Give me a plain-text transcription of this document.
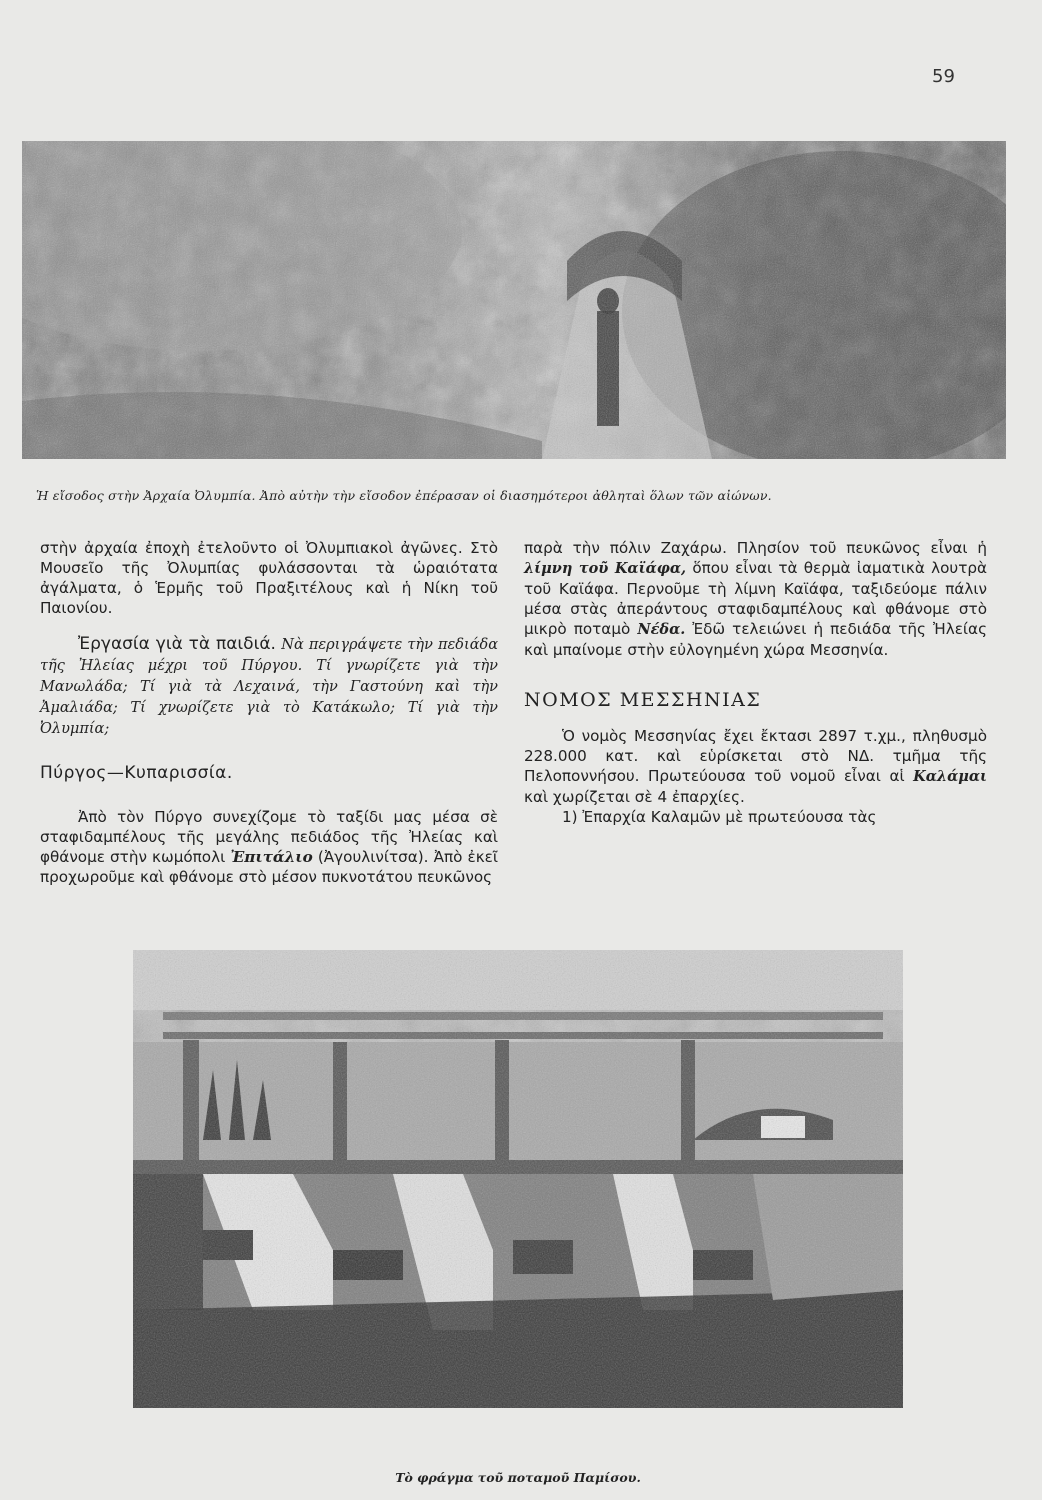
59
Ἡ εἴσοδος στὴν Ἀρχαία Ὀλυμπία. Ἀπὸ αὐτὴν τὴν εἴσοδον ἐπέρασαν οἱ διασημότεροι ἀθληταὶ ὅλων τῶν αἰώνων.

στὴν ἀρχαία ἐποχὴ ἐτελοῦντο οἱ Ὀλυμπιακοὶ ἀγῶνες. Στὸ Μουσεῖο τῆς Ὀλυμπίας φυλάσσονται τὰ ὡραιότατα ἀγάλματα, ὁ Ἑρμῆς τοῦ Πραξιτέλους καὶ ἡ Νίκη τοῦ Παιονίου.

Ἐργασία γιὰ τὰ παιδιά. Νὰ περιγράψετε τὴν πεδιάδα τῆς Ἠλείας μέχρι τοῦ Πύργου. Τί γνωρίζετε γιὰ τὴν Μανωλάδα; Τί γιὰ τὰ Λεχαινά, τὴν Γαστούνη καὶ τὴν Ἀμαλιάδα; Τί χνωρίζετε γιὰ τὸ Κατάκωλο; Τί γιὰ τὴν Ὀλυμπία;

Πύργος—Κυπαρισσία.

Ἀπὸ τὸν Πύργο συνεχίζομε τὸ ταξίδι μας μέσα σὲ σταφιδαμπέλους τῆς μεγάλης πεδιάδος τῆς Ἠλείας καὶ φθάνομε στὴν κωμόπολι Ἐπιτάλιο (Ἀγουλινίτσα). Ἀπὸ ἐκεῖ προχωροῦμε καὶ φθάνομε στὸ μέσον πυκνοτάτου πευκῶνος

παρὰ τὴν πόλιν Ζαχάρω. Πλησίον τοῦ πευκῶνος εἶναι ἡ λίμνη τοῦ Καϊάφα, ὅπου εἶναι τὰ θερμὰ ἰαματικὰ λουτρὰ τοῦ Καϊάφα. Περνοῦμε τὴ λίμνη Καϊάφα, ταξιδεύομε πάλιν μέσα στὰς ἀπεράντους σταφιδαμπέλους καὶ φθάνομε στὸ μικρὸ ποταμὸ Νέδα. Ἐδῶ τελειώνει ἡ πεδιάδα τῆς Ἠλείας καὶ μπαίνομε στὴν εὐλογημένη χώρα Μεσσηνία.

ΝΟΜΟΣ ΜΕΣΣΗΝΙΑΣ

Ὁ νομὸς Μεσσηνίας ἔχει ἔκτασι 2897 τ.χμ., πληθυσμὸ 228.000 κατ. καὶ εὑρίσκεται στὸ ΝΔ. τμῆμα τῆς Πελοποννήσου. Πρωτεύουσα τοῦ νομοῦ εἶναι αἱ Καλάμαι καὶ χωρίζεται σὲ 4 ἐπαρχίες.

1) Ἐπαρχία Καλαμῶν μὲ πρωτεύουσα τὰς

Τὸ φράγμα τοῦ ποταμοῦ Παμίσου.
